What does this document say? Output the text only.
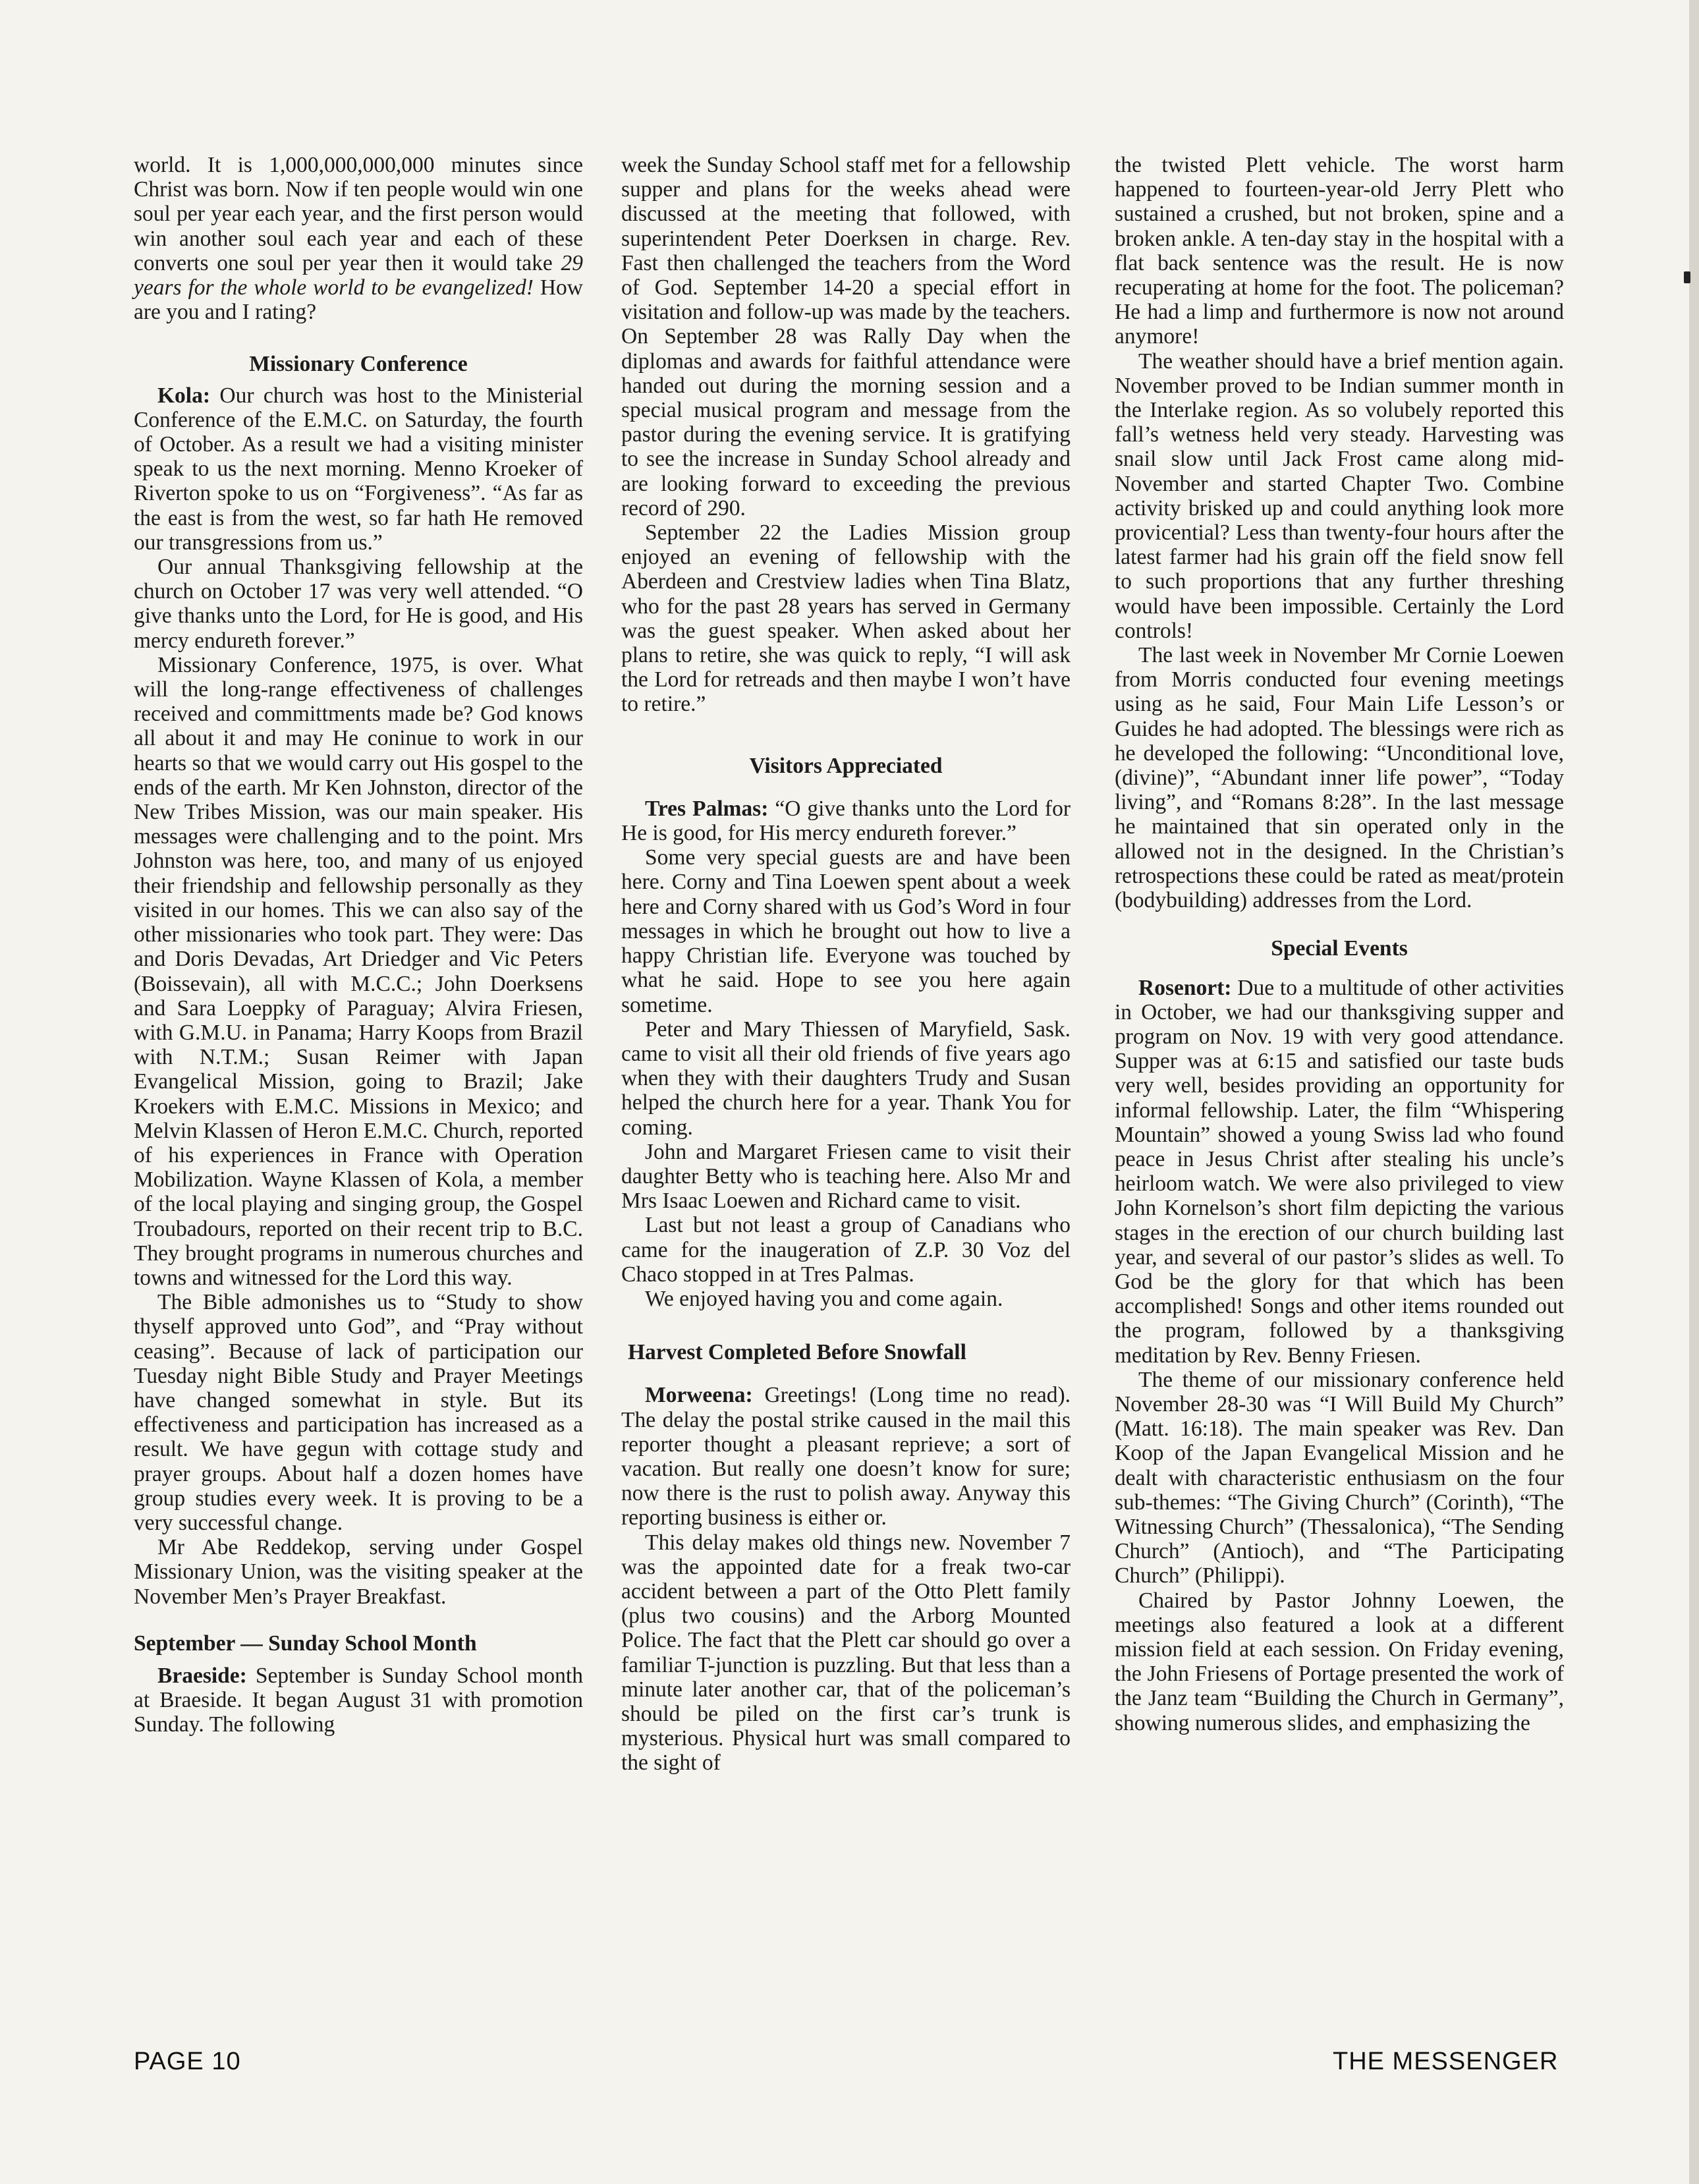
world. It is 1,000,000,000,000 minutes since Christ was born. Now if ten people would win one soul per year each year, and the first person would win another soul each year and each of these converts one soul per year then it would take 29 years for the whole world to be evangelized! How are you and I rating?

Missionary Conference

Kola: Our church was host to the Ministerial Conference of the E.M.C. on Saturday, the fourth of October. As a result we had a visiting minister speak to us the next morning. Menno Kroeker of Riverton spoke to us on “Forgiveness”. “As far as the east is from the west, so far hath He removed our transgressions from us.”

Our annual Thanksgiving fellowship at the church on October 17 was very well attended. “O give thanks unto the Lord, for He is good, and His mercy endureth forever.”

Missionary Conference, 1975, is over. What will the long-range effectiveness of challenges received and committments made be? God knows all about it and may He coninue to work in our hearts so that we would carry out His gospel to the ends of the earth. Mr Ken Johnston, director of the New Tribes Mission, was our main speaker. His messages were challenging and to the point. Mrs Johnston was here, too, and many of us enjoyed their friendship and fellowship personally as they visited in our homes. This we can also say of the other missionaries who took part. They were: Das and Doris Devadas, Art Driedger and Vic Peters (Boissevain), all with M.C.C.; John Doerksens and Sara Loeppky of Paraguay; Alvira Friesen, with G.M.U. in Panama; Harry Koops from Brazil with N.T.M.; Susan Reimer with Japan Evangelical Mission, going to Brazil; Jake Kroekers with E.M.C. Missions in Mexico; and Melvin Klassen of Heron E.M.C. Church, reported of his experiences in France with Operation Mobilization. Wayne Klassen of Kola, a member of the local playing and singing group, the Gospel Troubadours, reported on their recent trip to B.C. They brought programs in numerous churches and towns and witnessed for the Lord this way.

The Bible admonishes us to “Study to show thyself approved unto God”, and “Pray without ceasing”. Because of lack of participation our Tuesday night Bible Study and Prayer Meetings have changed somewhat in style. But its effectiveness and participation has increased as a result. We have gegun with cottage study and prayer groups. About half a dozen homes have group studies every week. It is proving to be a very successful change.

Mr Abe Reddekop, serving under Gospel Missionary Union, was the visiting speaker at the November Men’s Prayer Breakfast.

September — Sunday School Month

Braeside: September is Sunday School month at Braeside. It began August 31 with promotion Sunday. The following

week the Sunday School staff met for a fellowship supper and plans for the weeks ahead were discussed at the meeting that followed, with superintendent Peter Doerksen in charge. Rev. Fast then challenged the teachers from the Word of God. September 14-20 a special effort in visitation and follow-up was made by the teachers. On September 28 was Rally Day when the diplomas and awards for faithful attendance were handed out during the morning session and a special musical program and message from the pastor during the evening service. It is gratifying to see the increase in Sunday School already and are looking forward to exceeding the previous record of 290.

September 22 the Ladies Mission group enjoyed an evening of fellowship with the Aberdeen and Crestview ladies when Tina Blatz, who for the past 28 years has served in Germany was the guest speaker. When asked about her plans to retire, she was quick to reply, “I will ask the Lord for retreads and then maybe I won’t have to retire.”

Visitors Appreciated

Tres Palmas: “O give thanks unto the Lord for He is good, for His mercy endureth forever.”

Some very special guests are and have been here. Corny and Tina Loewen spent about a week here and Corny shared with us God’s Word in four messages in which he brought out how to live a happy Christian life. Everyone was touched by what he said. Hope to see you here again sometime.

Peter and Mary Thiessen of Maryfield, Sask. came to visit all their old friends of five years ago when they with their daughters Trudy and Susan helped the church here for a year. Thank You for coming.

John and Margaret Friesen came to visit their daughter Betty who is teaching here. Also Mr and Mrs Isaac Loewen and Richard came to visit.

Last but not least a group of Canadians who came for the inaugeration of Z.P. 30 Voz del Chaco stopped in at Tres Palmas.

We enjoyed having you and come again.

Harvest Completed Before Snowfall

Morweena: Greetings! (Long time no read). The delay the postal strike caused in the mail this reporter thought a pleasant reprieve; a sort of vacation. But really one doesn’t know for sure; now there is the rust to polish away. Anyway this reporting business is either or.

This delay makes old things new. November 7 was the appointed date for a freak two-car accident between a part of the Otto Plett family (plus two cousins) and the Arborg Mounted Police. The fact that the Plett car should go over a familiar T-junction is puzzling. But that less than a minute later another car, that of the policeman’s should be piled on the first car’s trunk is mysterious. Physical hurt was small compared to the sight of

the twisted Plett vehicle. The worst harm happened to fourteen-year-old Jerry Plett who sustained a crushed, but not broken, spine and a broken ankle. A ten-day stay in the hospital with a flat back sentence was the result. He is now recuperating at home for the foot. The policeman? He had a limp and furthermore is now not around anymore!

The weather should have a brief mention again. November proved to be Indian summer month in the Interlake region. As so volubely reported this fall’s wetness held very steady. Harvesting was snail slow until Jack Frost came along mid-November and started Chapter Two. Combine activity brisked up and could anything look more provicential? Less than twenty-four hours after the latest farmer had his grain off the field snow fell to such proportions that any further threshing would have been impossible. Certainly the Lord controls!

The last week in November Mr Cornie Loewen from Morris conducted four evening meetings using as he said, Four Main Life Lesson’s or Guides he had adopted. The blessings were rich as he developed the following: “Unconditional love, (divine)”, “Abundant inner life power”, “Today living”, and “Romans 8:28”. In the last message he maintained that sin operated only in the allowed not in the designed. In the Christian’s retrospections these could be rated as meat/protein (bodybuilding) addresses from the Lord.

Special Events

Rosenort: Due to a multitude of other activities in October, we had our thanksgiving supper and program on Nov. 19 with very good attendance. Supper was at 6:15 and satisfied our taste buds very well, besides providing an opportunity for informal fellowship. Later, the film “Whispering Mountain” showed a young Swiss lad who found peace in Jesus Christ after stealing his uncle’s heirloom watch. We were also privileged to view John Kornelson’s short film depicting the various stages in the erection of our church building last year, and several of our pastor’s slides as well. To God be the glory for that which has been accomplished! Songs and other items rounded out the program, followed by a thanksgiving meditation by Rev. Benny Friesen.

The theme of our missionary conference held November 28-30 was “I Will Build My Church” (Matt. 16:18). The main speaker was Rev. Dan Koop of the Japan Evangelical Mission and he dealt with characteristic enthusiasm on the four sub-themes: “The Giving Church” (Corinth), “The Witnessing Church” (Thessalonica), “The Sending Church” (Antioch), and “The Participating Church” (Philippi).

Chaired by Pastor Johnny Loewen, the meetings also featured a look at a different mission field at each session. On Friday evening, the John Friesens of Portage presented the work of the Janz team “Building the Church in Germany”, showing numerous slides, and emphasizing the

PAGE 10	THE MESSENGER
